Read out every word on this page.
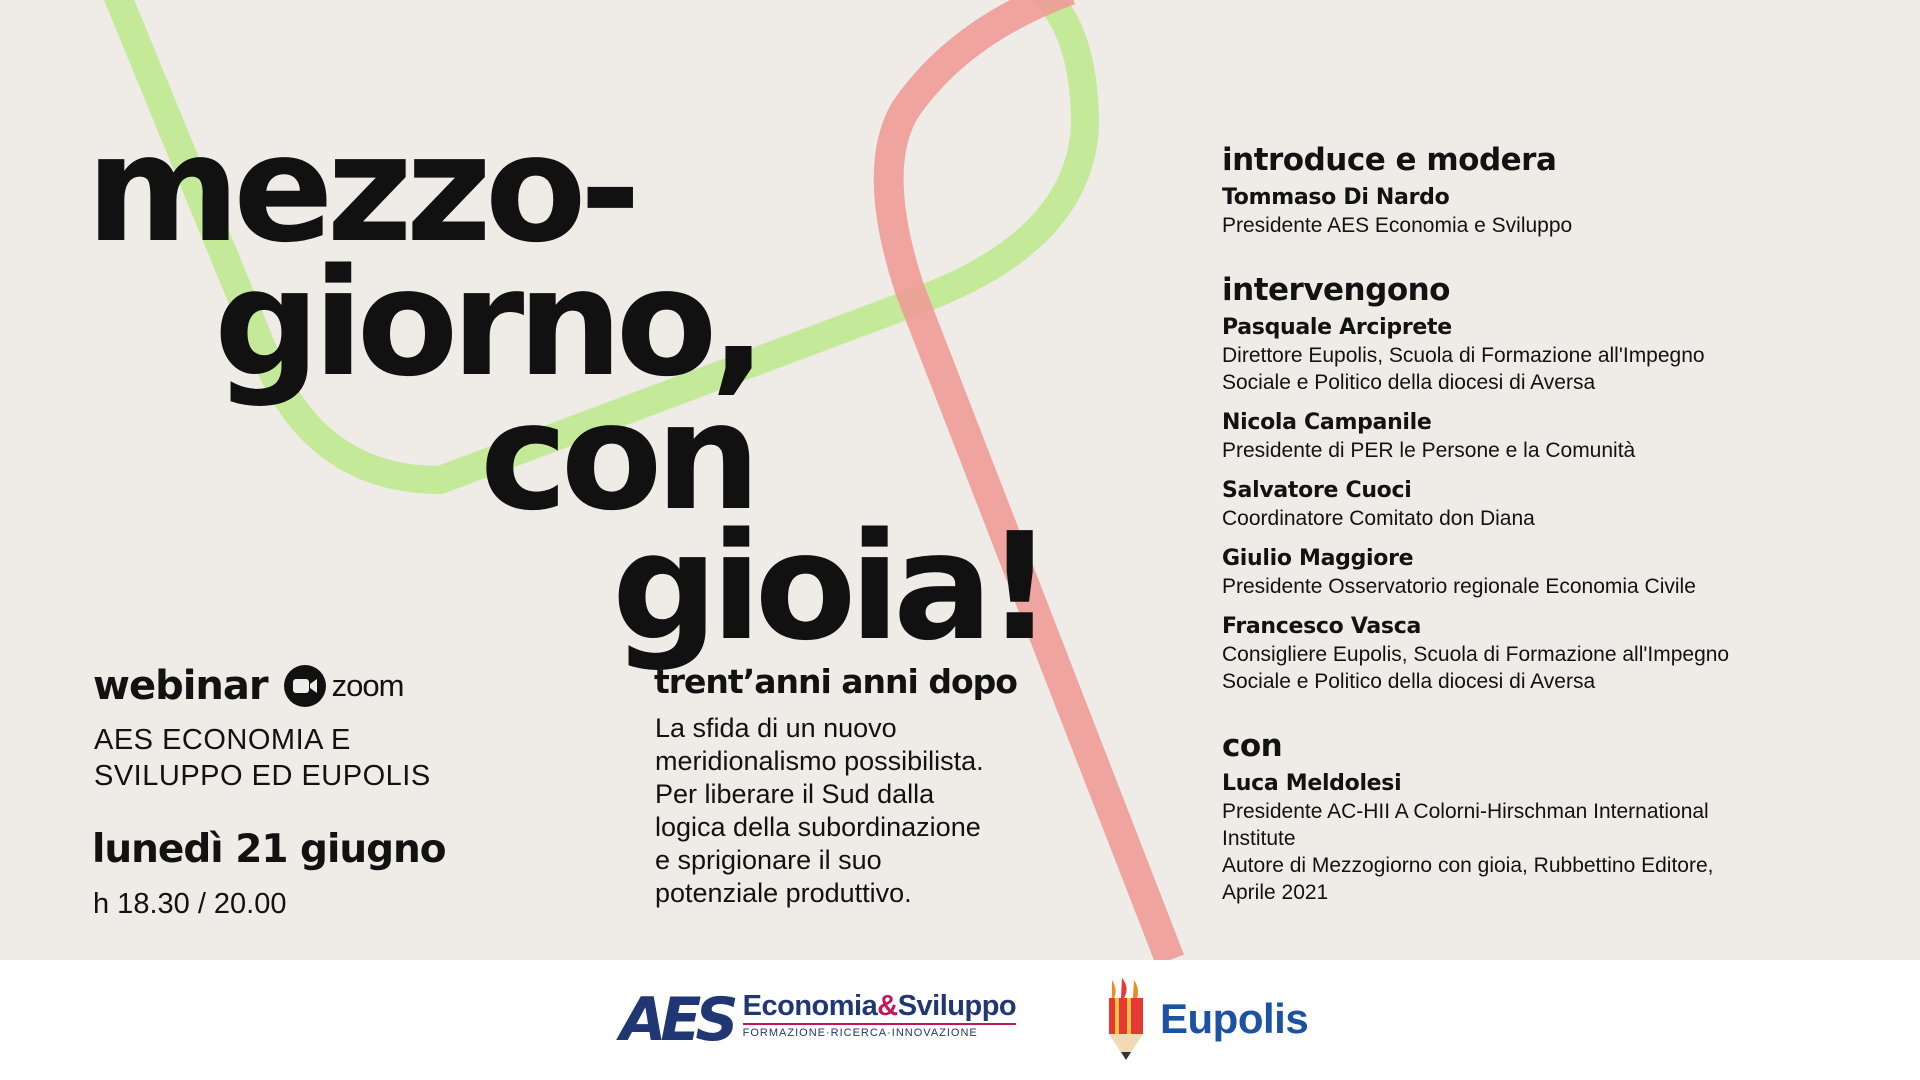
mezzo-
giorno,
con
gioia!
webinar zoom
AES ECONOMIA E
SVILUPPO ED EUPOLIS
lunedì 21 giugno
h 18.30 / 20.00
trent’anni anni dopo
La sfida di un nuovo
meridionalismo possibilista.
Per liberare il Sud dalla
logica della subordinazione
e sprigionare il suo
potenziale produttivo.
introduce e modera
Tommaso Di Nardo
Presidente AES Economia e Sviluppo
intervengono
Pasquale Arciprete
Direttore Eupolis, Scuola di Formazione all'Impegno
Sociale e Politico della diocesi di Aversa
Nicola Campanile
Presidente di PER le Persone e la Comunità
Salvatore Cuoci
Coordinatore Comitato don Diana
Giulio Maggiore
Presidente Osservatorio regionale Economia Civile
Francesco Vasca
Consigliere Eupolis, Scuola di Formazione all'Impegno
Sociale e Politico della diocesi di Aversa
con
Luca Meldolesi
Presidente AC-HII A Colorni-Hirschman International
Institute
Autore di Mezzogiorno con gioia, Rubbettino Editore,
Aprile 2021
AES Economia&Sviluppo
FORMAZIONE·RICERCA·INNOVAZIONE	Eupolis
